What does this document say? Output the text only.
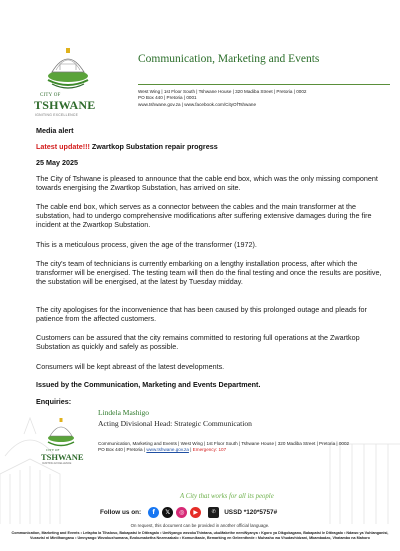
CITY OF
TSHWANE
IGNITING EXCELLENCE
Communication, Marketing and Events
West Wing | 1st Floor South | Tshwane House | 320 Madiba Street | Pretoria | 0002
PO Box 440 | Pretoria | 0001
www.tshwane.gov.za | www.facebook.com/CityOfTshwane
Media alert
Latest update!!! Zwartkop Substation repair progress
25 May 2025

The City of Tshwane is pleased to announce that the cable end box, which was the only missing component towards energising the Zwartkop Substation, has arrived on site.

The cable end box, which serves as a connector between the cables and the main transformer at the substation, had to undergo comprehensive modifications after suffering extensive damages during the fire incident at the Zwartkop Substation.

This is a meticulous process, given the age of the transformer (1972).

The city's team of technicians is currently embarking on a lengthy installation process, after which the transformer will be energised. The testing team will then do the final testing and once the results are positive, the substation will be energised, at the latest by Tuesday midday.

The city apologises for the inconvenience that has been caused by this prolonged outage and pleads for patience from the affected customers.

Customers can be assured that the city remains committed to restoring full operations at the Zwartkop Substation as quickly and safely as possible.

Consumers will be kept abreast of the latest developments.

Issued by the Communication, Marketing and Events Department.
Enquiries:
CITY OF
TSHWANE
IGNITING EXCELLENCE
Lindela Mashigo
Acting Divisional Head: Strategic Communication
Communication, Marketing and Events | West Wing | 1st Floor South | Tshwane House | 320 Madiba Street | Pretoria | 0002
PO Box 440 | Pretoria | www.tshwane.gov.za | Emergency: 107
A City that works for all its people
Follow us on:	f	𝕏	◎	▶	✆	USSD *120*5757#
On request, this document can be provided in another official language.
Communication, Marketing and Events • Lefapha la Tlhaloso, Babapatsi le Ditiragalo • UmNyango wezokuThintana, ukuMakethe nemiNyanya • Kgoro ya Dikgokagano, Babapatsi le Ditiragalo • Ndawo ya Vuhlanganisi, Vuxavisi ni Mintlhanganu • Umnyango Wezokuxhumana, Ezokumaketha Nezenzakalo • Komunikasie, Bemarking en Geleenthede • Muhasho wa Vhudavhidzani, Mbambadzo, Vhatambo na Mahoro
